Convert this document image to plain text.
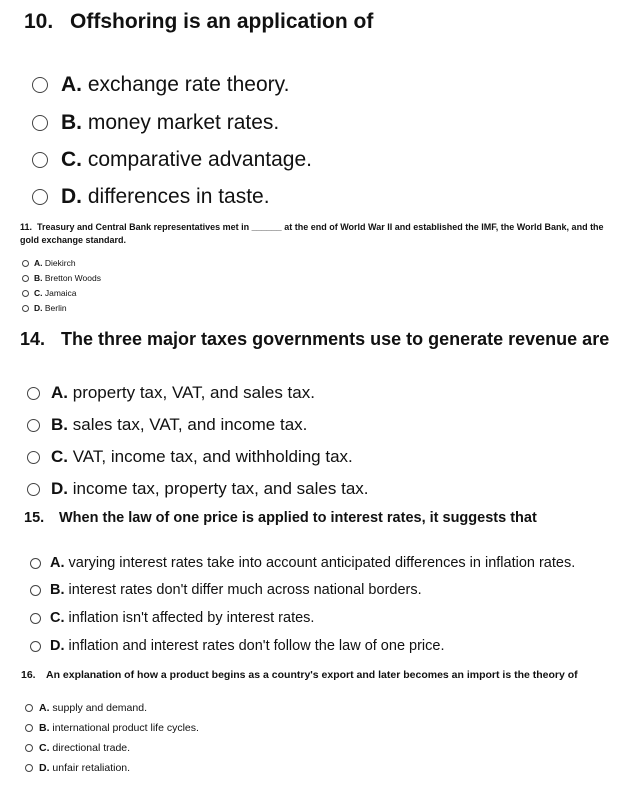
10. Offshoring is an application of
A.
exchange rate theory.
B.
money market rates.
C.
comparative advantage.
D.
differences in taste.
11. Treasury and Central Bank representatives met in ______ at the end of World War II and established the IMF, the World Bank, and the gold exchange standard.
A.
Diekirch
B.
Bretton Woods
C.
Jamaica
D.
Berlin
14. The three major taxes governments use to generate revenue are
A.
property tax, VAT, and sales tax.
B.
sales tax, VAT, and income tax.
C.
VAT, income tax, and withholding tax.
D.
income tax, property tax, and sales tax.
15. When the law of one price is applied to interest rates, it suggests that
A.
varying interest rates take into account anticipated differences in inflation rates.
B.
interest rates don't differ much across national borders.
C.
inflation isn't affected by interest rates.
D.
inflation and interest rates don't follow the law of one price.
16. An explanation of how a product begins as a country's export and later becomes an import is the theory of
A.
supply and demand.
B.
international product life cycles.
C.
directional trade.
D.
unfair retaliation.
